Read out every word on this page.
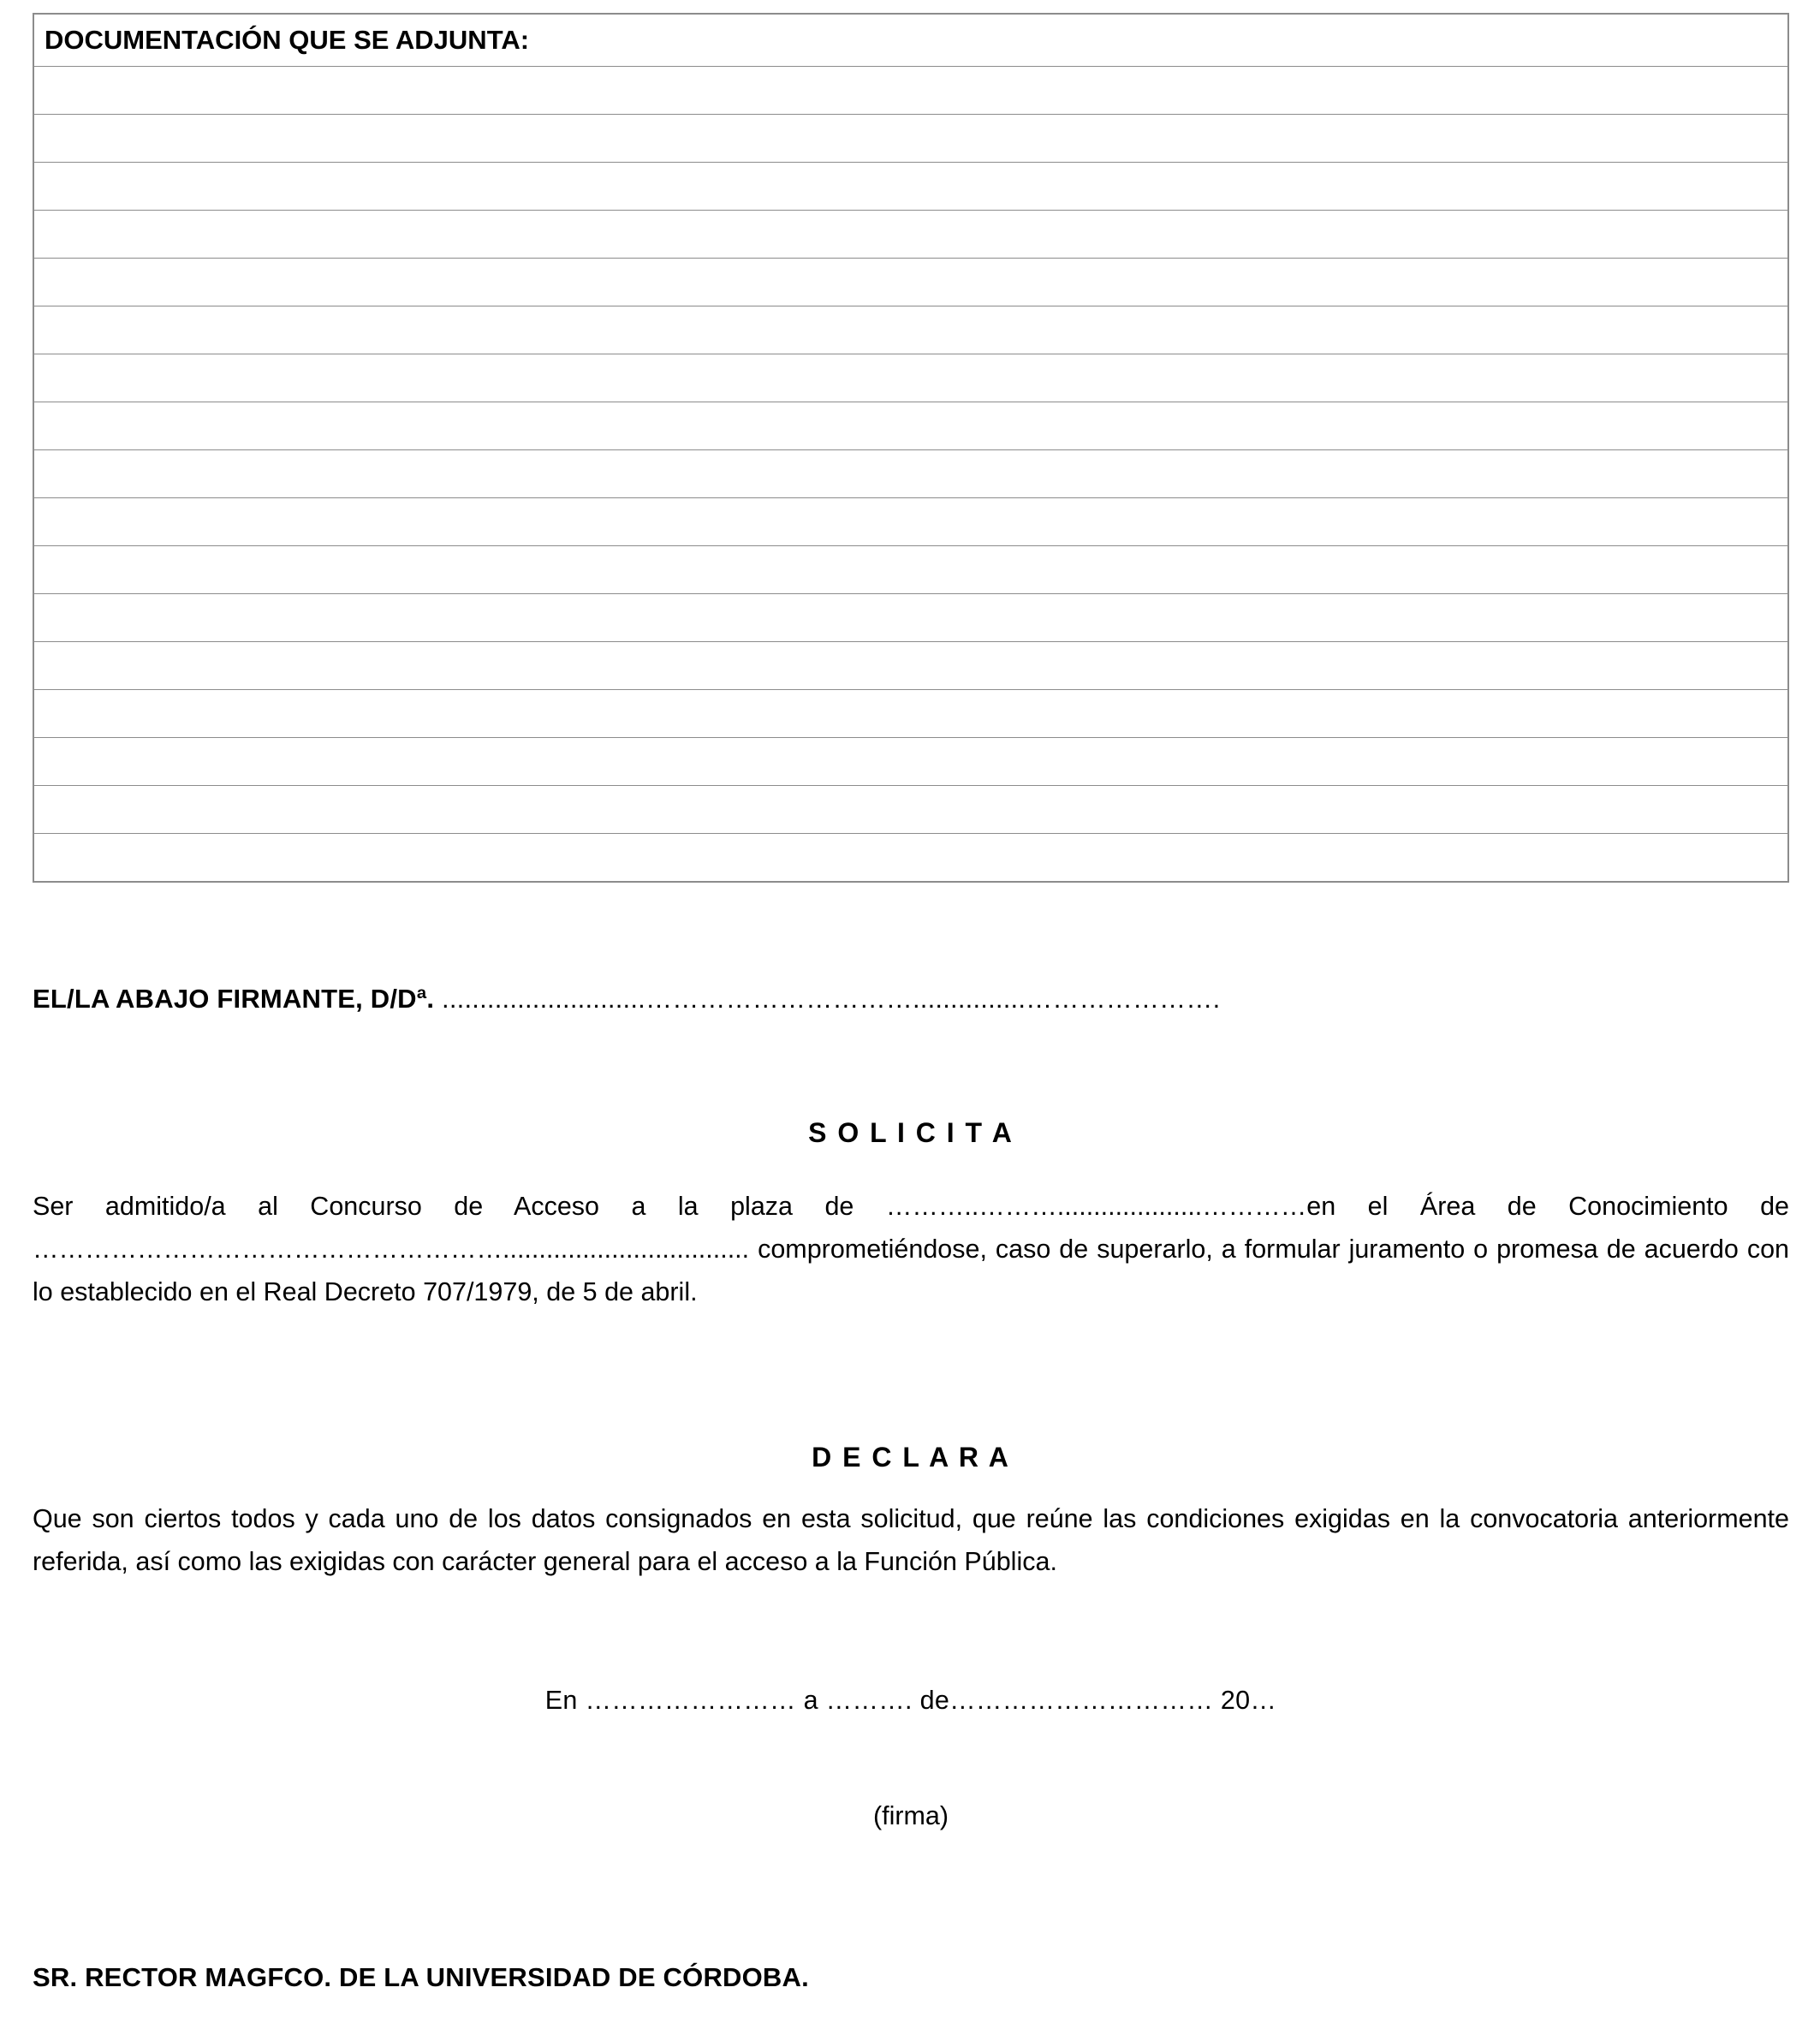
DOCUMENTACIÓN QUE SE ADJUNTA:

EL/LA ABAJO FIRMANTE, D/Dª. ...........................…………………………...............………………….

S O L I C I T A

Ser admitido/a al Concurso de Acceso a la plaza de ………..………....................…………en el Área de Conocimiento de ……………………………………………….................................. comprometiéndose, caso de superarlo, a formular juramento o promesa de acuerdo con lo establecido en el Real Decreto 707/1979, de 5 de abril.

D E C L A R A

Que son ciertos todos y cada uno de los datos consignados en esta solicitud, que reúne las condiciones exigidas en la convocatoria anteriormente referida, así como las exigidas con carácter general para el acceso a la Función Pública.

En …………………… a ………. de………………………… 20…

(firma)

SR. RECTOR MAGFCO. DE LA UNIVERSIDAD DE CÓRDOBA.
